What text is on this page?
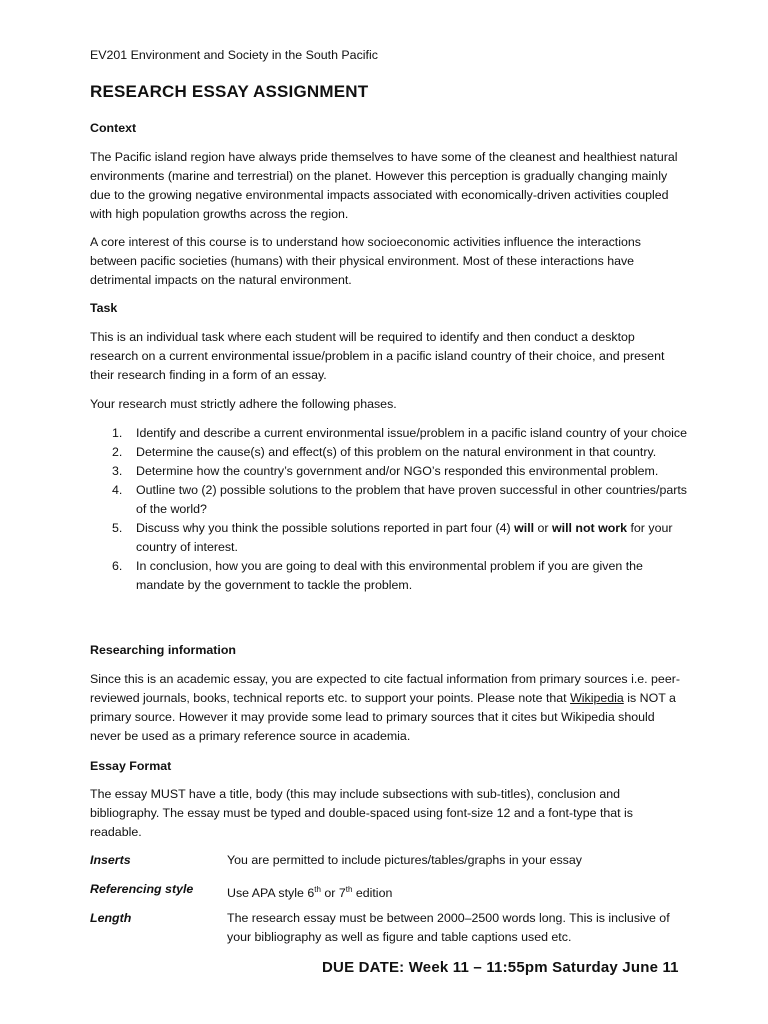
EV201 Environment and Society in the South Pacific
RESEARCH ESSAY ASSIGNMENT
Context
The Pacific island region have always pride themselves to have some of the cleanest and healthiest natural environments (marine and terrestrial) on the planet. However this perception is gradually changing mainly due to the growing negative environmental impacts associated with economically-driven activities coupled with high population growths across the region.
A core interest of this course is to understand how socioeconomic activities influence the interactions between pacific societies (humans) with their physical environment. Most of these interactions have detrimental impacts on the natural environment.
Task
This is an individual task where each student will be required to identify and then conduct a desktop research on a current environmental issue/problem in a pacific island country of their choice, and present their research finding in a form of an essay.
Your research must strictly adhere the following phases.
1. Identify and describe a current environmental issue/problem in a pacific island country of your choice
2. Determine the cause(s) and effect(s) of this problem on the natural environment in that country.
3. Determine how the country’s government and/or NGO’s responded this environmental problem.
4. Outline two (2) possible solutions to the problem that have proven successful in other countries/parts of the world?
5. Discuss why you think the possible solutions reported in part four (4) will or will not work for your country of interest.
6. In conclusion, how you are going to deal with this environmental problem if you are given the mandate by the government to tackle the problem.
Researching information
Since this is an academic essay, you are expected to cite factual information from primary sources i.e. peer-reviewed journals, books, technical reports etc. to support your points. Please note that Wikipedia is NOT a primary source. However it may provide some lead to primary sources that it cites but Wikipedia should never be used as a primary reference source in academia.
Essay Format
The essay MUST have a title, body (this may include subsections with sub-titles), conclusion and bibliography. The essay must be typed and double-spaced using font-size 12 and a font-type that is readable.
Inserts	You are permitted to include pictures/tables/graphs in your essay
Referencing style	Use APA style 6th or 7th edition
Length	The research essay must be between 2000–2500 words long. This is inclusive of your bibliography as well as figure and table captions used etc.
DUE DATE: Week 11 – 11:55pm Saturday June 11
